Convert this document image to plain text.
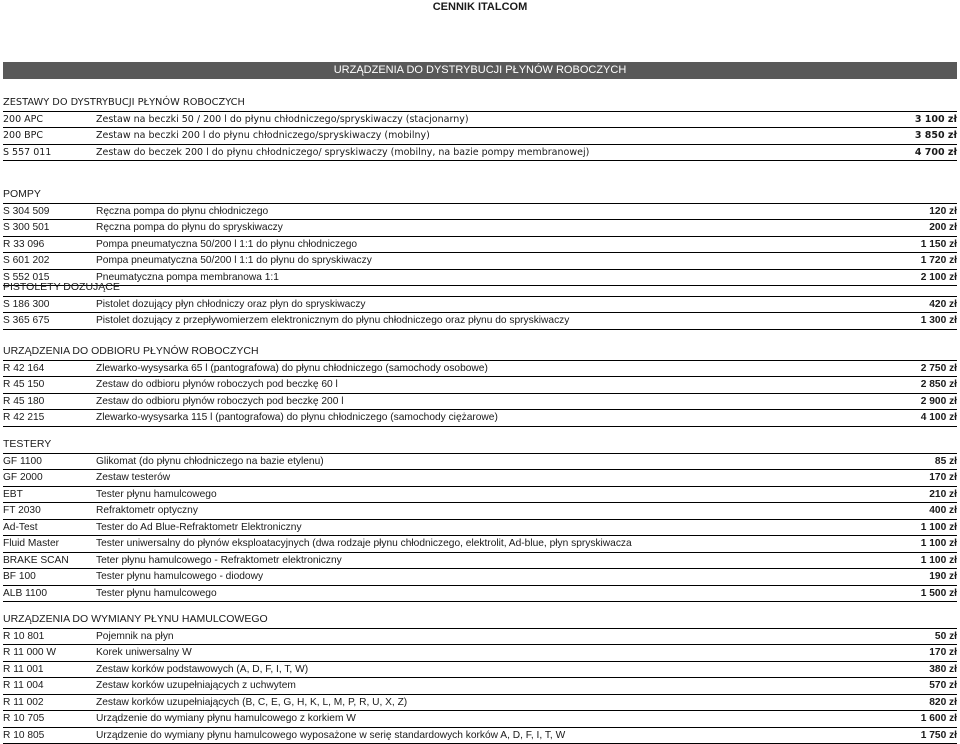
CENNIK ITALCOM
URZĄDZENIA DO DYSTRYBUCJI PŁYNÓW ROBOCZYCH
ZESTAWY DO DYSTRYBUCJI PŁYNÓW ROBOCZYCH
200 APC	Zestaw na beczki 50 / 200 l do płynu chłodniczego/spryskiwaczy (stacjonarny)	3 100 zł
200 BPC	Zestaw na beczki 200 l do płynu chłodniczego/spryskiwaczy (mobilny)	3 850 zł
S 557 011	Zestaw do beczek 200 l do płynu chłodniczego/ spryskiwaczy (mobilny, na bazie pompy membranowej)	4 700 zł
POMPY
S 304 509	Ręczna pompa do płynu chłodniczego	120 zł
S 300 501	Ręczna pompa do płynu do spryskiwaczy	200 zł
R 33 096	Pompa pneumatyczna 50/200 l 1:1 do płynu chłodniczego	1 150 zł
S 601 202	Pompa pneumatyczna 50/200 l 1:1 do płynu do spryskiwaczy	1 720 zł
S 552 015	Pneumatyczna pompa membranowa 1:1	2 100 zł
PISTOLETY DOZUJĄCE
S 186 300	Pistolet dozujący płyn chłodniczy oraz płyn do spryskiwaczy	420 zł
S 365 675	Pistolet dozujący z przepływomierzem elektronicznym do płynu chłodniczego oraz płynu do spryskiwaczy	1 300 zł
URZĄDZENIA DO ODBIORU PŁYNÓW ROBOCZYCH
R 42 164	Zlewarko-wysysarka 65 l (pantografowa) do płynu chłodniczego (samochody osobowe)	2 750 zł
R 45 150	Zestaw do odbioru płynów roboczych pod beczkę 60 l	2 850 zł
R 45 180	Zestaw do odbioru płynów roboczych pod beczkę 200 l	2 900 zł
R 42 215	Zlewarko-wysysarka 115 l (pantografowa) do płynu chłodniczego (samochody ciężarowe)	4 100 zł
TESTERY
GF 1100	Glikomat (do płynu chłodniczego na bazie etylenu)	85 zł
GF 2000	Zestaw testerów	170 zł
EBT	Tester płynu hamulcowego	210 zł
FT 2030	Refraktometr optyczny	400 zł
Ad-Test	Tester do Ad Blue-Refraktometr Elektroniczny	1 100 zł
Fluid Master	Tester uniwersalny do płynów eksploatacyjnych (dwa rodzaje płynu chłodniczego, elektrolit, Ad-blue, płyn spryskiwacza	1 100 zł
BRAKE SCAN	Teter płynu hamulcowego - Refraktometr elektroniczny	1 100 zł
BF 100	Tester płynu hamulcowego - diodowy	190 zł
ALB 1100	Tester płynu hamulcowego	1 500 zł
URZĄDZENIA DO WYMIANY PŁYNU HAMULCOWEGO
R 10 801	Pojemnik na płyn	50 zł
R 11 000 W	Korek uniwersalny W	170 zł
R 11 001	Zestaw korków podstawowych (A, D, F, I, T, W)	380 zł
R 11 004	Zestaw korków uzupełniających z uchwytem	570 zł
R 11 002	Zestaw korków uzupełniających (B, C, E, G, H, K, L, M, P, R, U, X, Z)	820 zł
R 10 705	Urządzenie do wymiany płynu hamulcowego z korkiem W	1 600 zł
R 10 805	Urządzenie do wymiany płynu hamulcowego wyposażone w serię standardowych korków A, D, F, I, T, W	1 750 zł
